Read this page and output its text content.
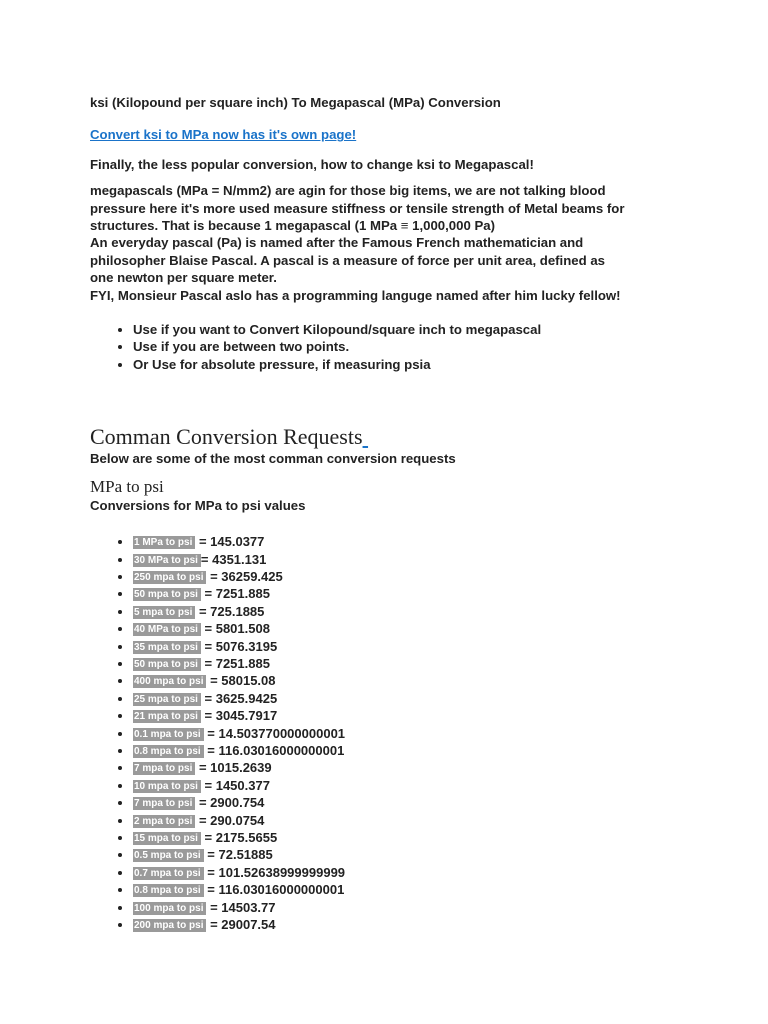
ksi (Kilopound per square inch) To Megapascal (MPa) Conversion

Convert ksi to MPa now has it's own page!

Finally, the less popular conversion, how to change ksi to Megapascal!

megapascals (MPa = N/mm2) are agin for those big items, we are not talking blood
pressure here it's more used measure stiffness or tensile strength of Metal beams for
structures. That is because 1 megapascal (1 MPa ≡ 1,000,000 Pa)
An everyday pascal (Pa) is named after the Famous French mathematician and
philosopher Blaise Pascal. A pascal is a measure of force per unit area, defined as
one newton per square meter.
FYI, Monsieur Pascal aslo has a programming languge named after him lucky fellow!
• Use if you want to Convert Kilopound/square inch to megapascal
• Use if you are between two points.
• Or Use for absolute pressure, if measuring psia
Comman Conversion Requests

Below are some of the most comman conversion requests

MPa to psi

Conversions for MPa to psi values

• 1 MPa to psi = 145.0377
• 30 MPa to psi = 4351.131
• 250 mpa to psi = 36259.425
• 50 mpa to psi = 7251.885
• 5 mpa to psi = 725.1885
• 40 MPa to psi = 5801.508
• 35 mpa to psi = 5076.3195
• 50 mpa to psi = 7251.885
• 400 mpa to psi = 58015.08
• 25 mpa to psi = 3625.9425
• 21 mpa to psi = 3045.7917
• 0.1 mpa to psi = 14.503770000000001
• 0.8 mpa to psi = 116.03016000000001
• 7 mpa to psi = 1015.2639
• 10 mpa to psi = 1450.377
• 7 mpa to psi = 2900.754
• 2 mpa to psi = 290.0754
• 15 mpa to psi = 2175.5655
• 0.5 mpa to psi = 72.51885
• 0.7 mpa to psi = 101.52638999999999
• 0.8 mpa to psi = 116.03016000000001
• 100 mpa to psi = 14503.77
• 200 mpa to psi = 29007.54
